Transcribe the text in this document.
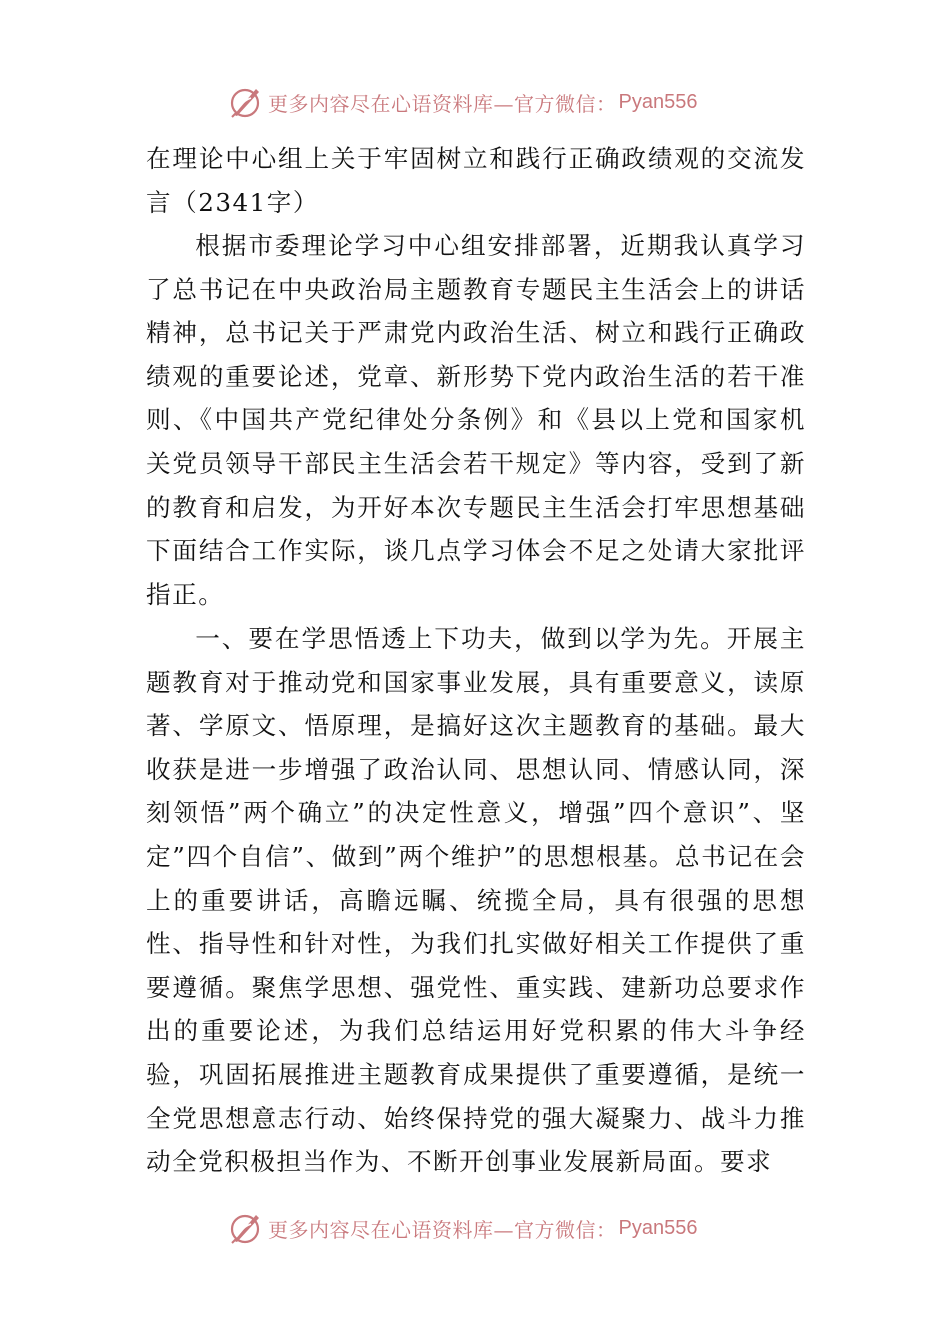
更多内容尽在心语资料库—官方微信： Pyan556

在理论中心组上关于牢固树立和践行正确政绩观的交流发言（2341字）

根据市委理论学习中心组安排部署，近期我认真学习了总书记在中央政治局主题教育专题民主生活会上的讲话精神，总书记关于严肃党内政治生活、树立和践行正确政绩观的重要论述，党章、新形势下党内政治生活的若干准则、《中国共产党纪律处分条例》和《县以上党和国家机关党员领导干部民主生活会若干规定》等内容，受到了新的教育和启发，为开好本次专题民主生活会打牢思想基础下面结合工作实际，谈几点学习体会不足之处请大家批评指正。

一、要在学思悟透上下功夫，做到以学为先。开展主题教育对于推动党和国家事业发展，具有重要意义，读原著、学原文、悟原理，是搞好这次主题教育的基础。最大收获是进一步增强了政治认同、思想认同、情感认同，深刻领悟”两个确立”的决定性意义，增强”四个意识”、坚定”四个自信”、做到”两个维护”的思想根基。总书记在会上的重要讲话，高瞻远瞩、统揽全局，具有很强的思想性、指导性和针对性，为我们扎实做好相关工作提供了重要遵循。聚焦学思想、强党性、重实践、建新功总要求作出的重要论述，为我们总结运用好党积累的伟大斗争经验，巩固拓展推进主题教育成果提供了重要遵循，是统一全党思想意志行动、始终保持党的强大凝聚力、战斗力推动全党积极担当作为、不断开创事业发展新局面。要求

更多内容尽在心语资料库—官方微信： Pyan556
